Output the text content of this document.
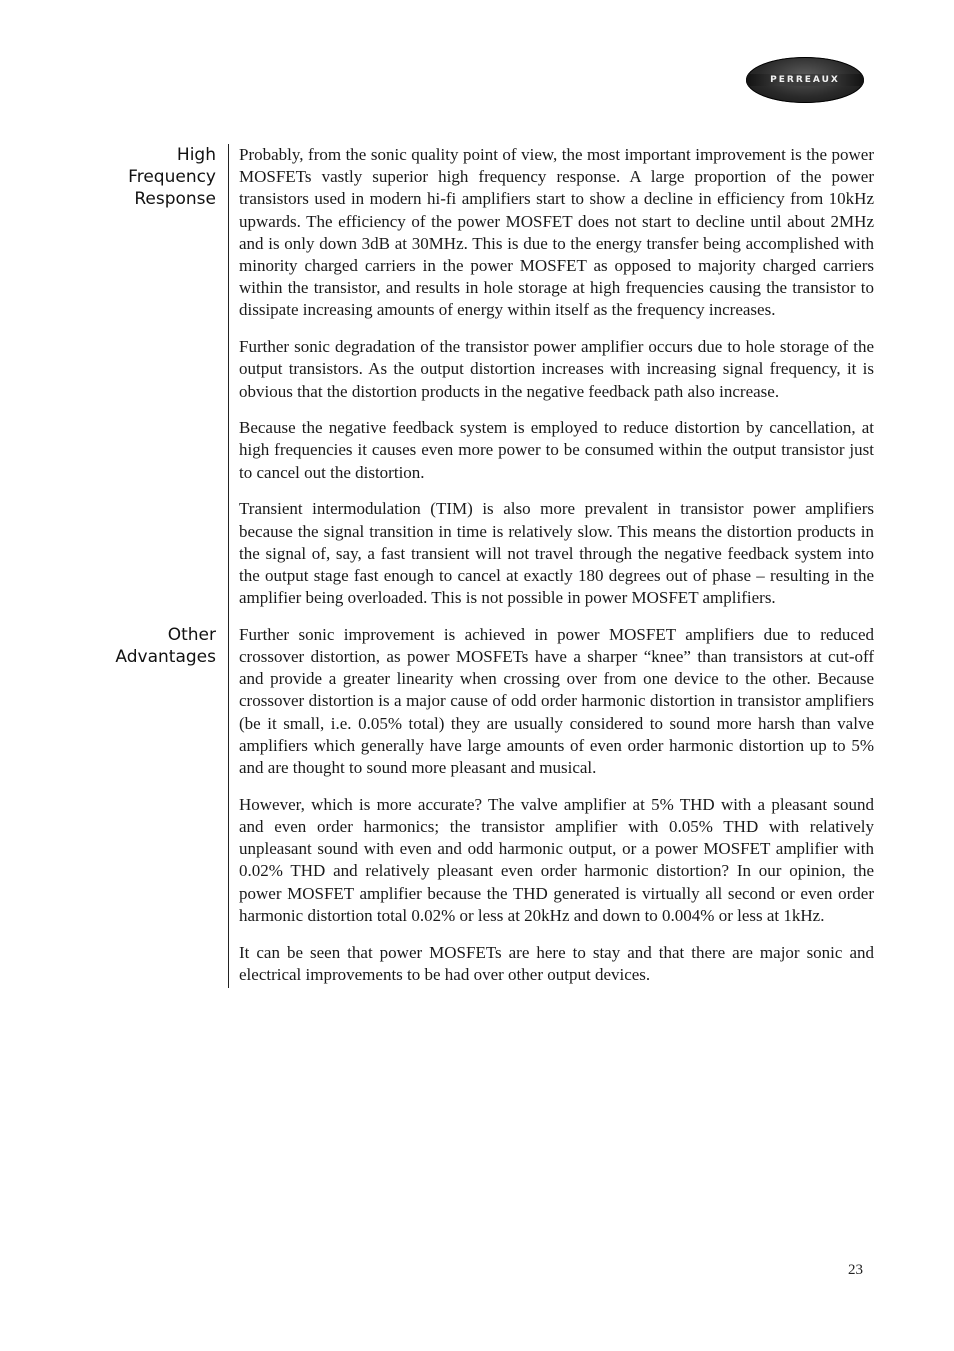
PERREAUX
High
Frequency
Response

Probably, from the sonic quality point of view, the most important improvement is the power MOSFETs vastly superior high frequency response. A large proportion of the power transistors used in modern hi-fi amplifiers start to show a decline in efficiency from 10kHz upwards. The efficiency of the power MOSFET does not start to decline until about 2MHz and is only down 3dB at 30MHz. This is due to the energy transfer being accomplished with minority charged carriers in the power MOSFET as opposed to majority charged carriers within the transistor, and results in hole storage at high frequencies causing the transistor to dissipate increasing amounts of energy within itself as the frequency increases.

Further sonic degradation of the transistor power amplifier occurs due to hole storage of the output transistors. As the output distortion increases with increasing signal frequency, it is obvious that the distortion products in the negative feedback path also increase.

Because the negative feedback system is employed to reduce distortion by cancellation, at high frequencies it causes even more power to be consumed within the output transistor just to cancel out the distortion.

Transient intermodulation (TIM) is also more prevalent in transistor power amplifiers because the signal transition in time is relatively slow. This means the distortion products in the signal of, say, a fast transient will not travel through the negative feedback system into the output stage fast enough to cancel at exactly 180 degrees out of phase – resulting in the amplifier being overloaded. This is not possible in power MOSFET amplifiers.

Other
Advantages

Further sonic improvement is achieved in power MOSFET amplifiers due to reduced crossover distortion, as power MOSFETs have a sharper “knee” than transistors at cut-off and provide a greater linearity when crossing over from one device to the other. Because crossover distortion is a major cause of odd order harmonic distortion in transistor amplifiers (be it small, i.e. 0.05% total) they are usually considered to sound more harsh than valve amplifiers which generally have large amounts of even order harmonic distortion up to 5% and are thought to sound more pleasant and musical.

However, which is more accurate? The valve amplifier at 5% THD with a pleasant sound and even order harmonics; the transistor amplifier with 0.05% THD with relatively unpleasant sound with even and odd harmonic output, or a power MOSFET amplifier with 0.02% THD and relatively pleasant even order harmonic distortion? In our opinion, the power MOSFET amplifier because the THD generated is virtually all second or even order harmonic distortion total 0.02% or less at 20kHz and down to 0.004% or less at 1kHz.

It can be seen that power MOSFETs are here to stay and that there are major sonic and electrical improvements to be had over other output devices.

23
